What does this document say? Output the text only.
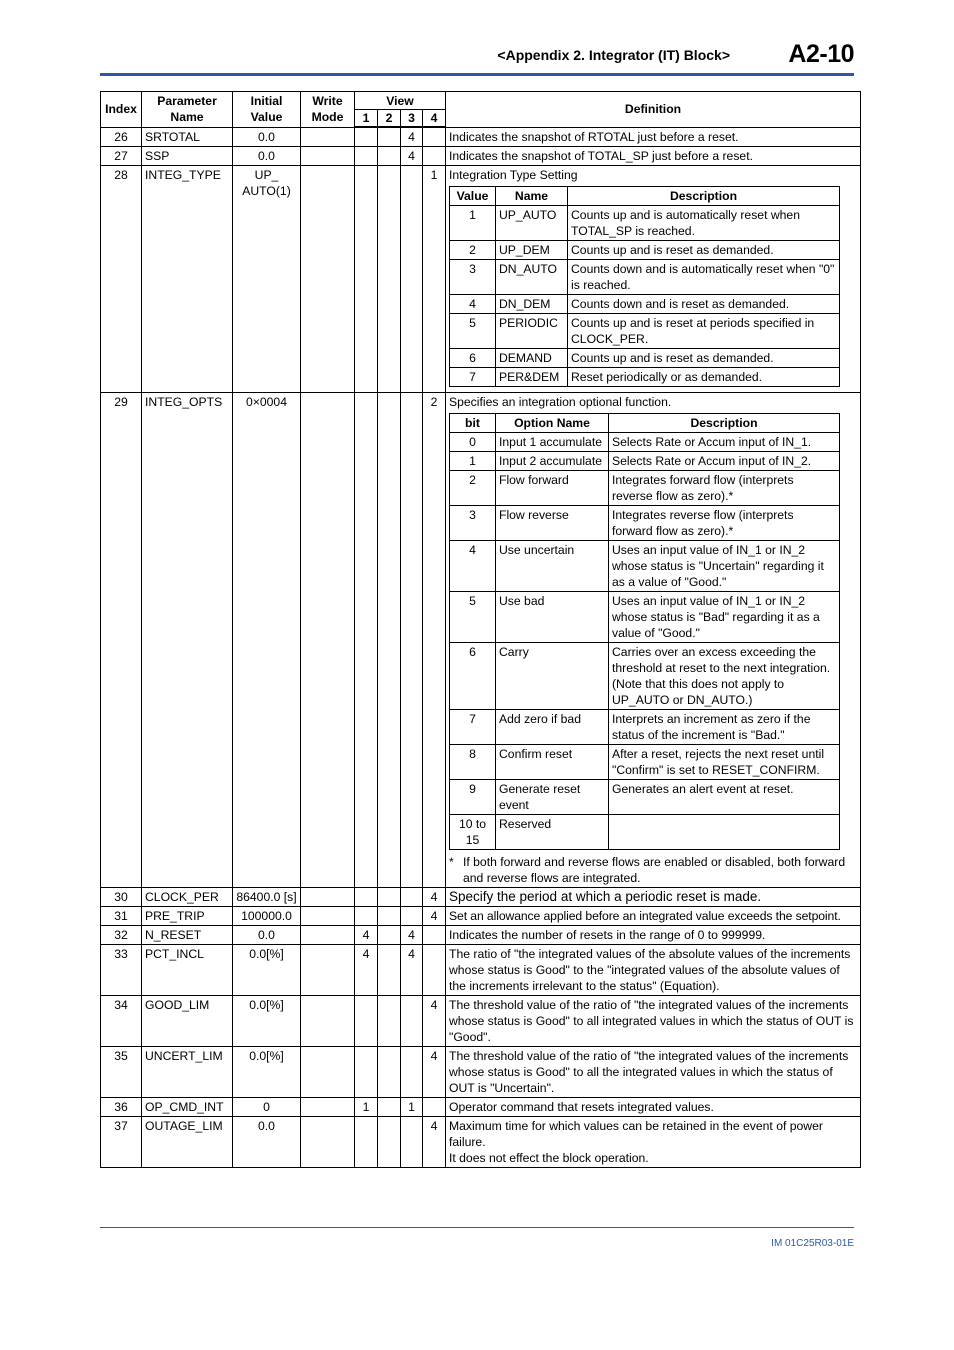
<Appendix 2. Integrator (IT) Block> A2-10
Index	Parameter Name	Initial Value	Write Mode	View	Definition
1	2	3	4
26	SRTOTAL	0.0				4		Indicates the snapshot of RTOTAL just before a reset.
27	SSP	0.0				4		Indicates the snapshot of TOTAL_SP just before a reset.
28	INTEG_TYPE	UP_ AUTO(1)					1	Integration Type Setting
Value	Name	Description
1	UP_AUTO	Counts up and is automatically reset when TOTAL_SP is reached.
2	UP_DEM	Counts up and is reset as demanded.
3	DN_AUTO	Counts down and is automatically reset when "0" is reached.
4	DN_DEM	Counts down and is reset as demanded.
5	PERIODIC	Counts up and is reset at periods specified in CLOCK_PER.
6	DEMAND	Counts up and is reset as demanded.
7	PER&DEM	Reset periodically or as demanded.

29	INTEG_OPTS	0×0004					2	Specifies an integration optional function.
bit	Option Name	Description
0	Input 1 accumulate	Selects Rate or Accum input of IN_1.
1	Input 2 accumulate	Selects Rate or Accum input of IN_2.
2	Flow forward	Integrates forward flow (interprets reverse flow as zero).*
3	Flow reverse	Integrates reverse flow (interprets forward flow as zero).*
4	Use uncertain	Uses an input value of IN_1 or IN_2 whose status is "Uncertain" regarding it as a value of "Good."
5	Use bad	Uses an input value of IN_1 or IN_2 whose status is "Bad" regarding it as a value of "Good."
6	Carry	Carries over an excess exceeding the threshold at reset to the next integration. (Note that this does not apply to UP_AUTO or DN_AUTO.)
7	Add zero if bad	Interprets an increment as zero if the status of the increment is "Bad."
8	Confirm reset	After a reset, rejects the next reset until "Confirm" is set to RESET_CONFIRM.
9	Generate reset event	Generates an alert event at reset.
10 to 15	Reserved	
* If both forward and reverse flows are enabled or disabled, both forward and reverse flows are integrated.

30	CLOCK_PER	86400.0 [s]					4	Specify the period at which a periodic reset is made.
31	PRE_TRIP	100000.0					4	Set an allowance applied before an integrated value exceeds the setpoint.
32	N_RESET	0.0		4		4		Indicates the number of resets in the range of 0 to 999999.
33	PCT_INCL	0.0[%]		4		4		The ratio of "the integrated values of the absolute values of the increments whose status is Good" to the "integrated values of the absolute values of the increments irrelevant to the status" (Equation).
34	GOOD_LIM	0.0[%]					4	The threshold value of the ratio of "the integrated values of the increments whose status is Good" to all integrated values in which the status of OUT is "Good".
35	UNCERT_LIM	0.0[%]					4	The threshold value of the ratio of "the integrated values of the increments whose status is Good" to all the integrated values in which the status of OUT is "Uncertain".
36	OP_CMD_INT	0		1		1		Operator command that resets integrated values.
37	OUTAGE_LIM	0.0					4	Maximum time for which values can be retained in the event of power failure.
It does not effect the block operation.
IM 01C25R03-01E
